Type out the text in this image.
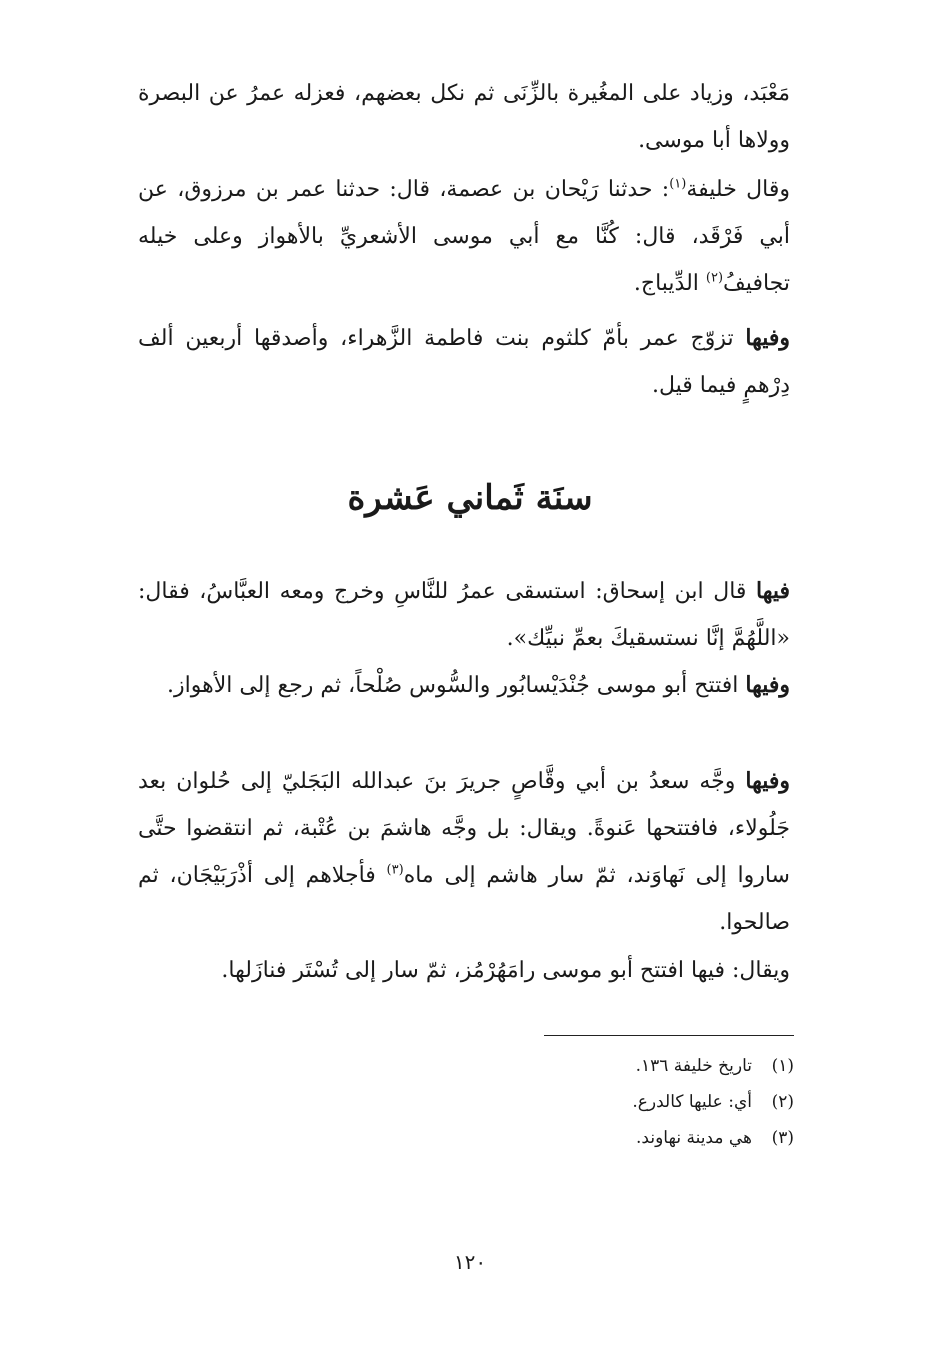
مَعْبَد، وزياد على المغُيرة بالزِّنَى ثم نكل بعضهم، فعزله عمرُ عن البصرة وولاها أبا موسى.

وقال خليفة$^{(١)}$: حدثنا رَيْحان بن عصمة، قال: حدثنا عمر بن مرزوق، عن أبي فَرْقَد، قال: كُنَّا مع أبي موسى الأشعريِّ بالأهواز وعلى خيله تجافيفُ$^{(٢)}$ الدِّيباج.

وفيها تزوّج عمر بأمّ كلثوم بنت فاطمة الزَّهراء، وأصدقها أربعين ألف دِرْهمٍ فيما قيل.

سنَة ثَماني عَشرة

فيها قال ابن إسحاق: استسقى عمرُ للنَّاسِ وخرج ومعه العبَّاسُ، فقال: «اللَّهُمَّ إنَّا نستسقيكَ بعمِّ نبيِّك».

وفيها افتتح أبو موسى جُنْدَيْسابُور والسُّوس صُلْحاً، ثم رجع إلى الأهواز.

وفيها وجَّه سعدُ بن أبي وقَّاصٍ جريرَ بنَ عبدالله البَجَليّ إلى حُلوان بعد جَلُولاء، فافتتحها عَنوةً. ويقال: بل وجَّه هاشمَ بن عُتْبة، ثم انتقضوا حتَّى ساروا إلى نَهاوَند، ثمّ سار هاشم إلى ماه$^{(٣)}$ فأجلاهم إلى أذْرَبَيْجَان، ثم صالحوا.

ويقال: فيها افتتح أبو موسى رامَهُرْمُز، ثمّ سار إلى تُسْتَر فنازَلها.

(١)تاريخ خليفة ١٣٦.
(٢)أي: عليها كالدرع.
(٣)هي مدينة نهاوند.
١٢٠
